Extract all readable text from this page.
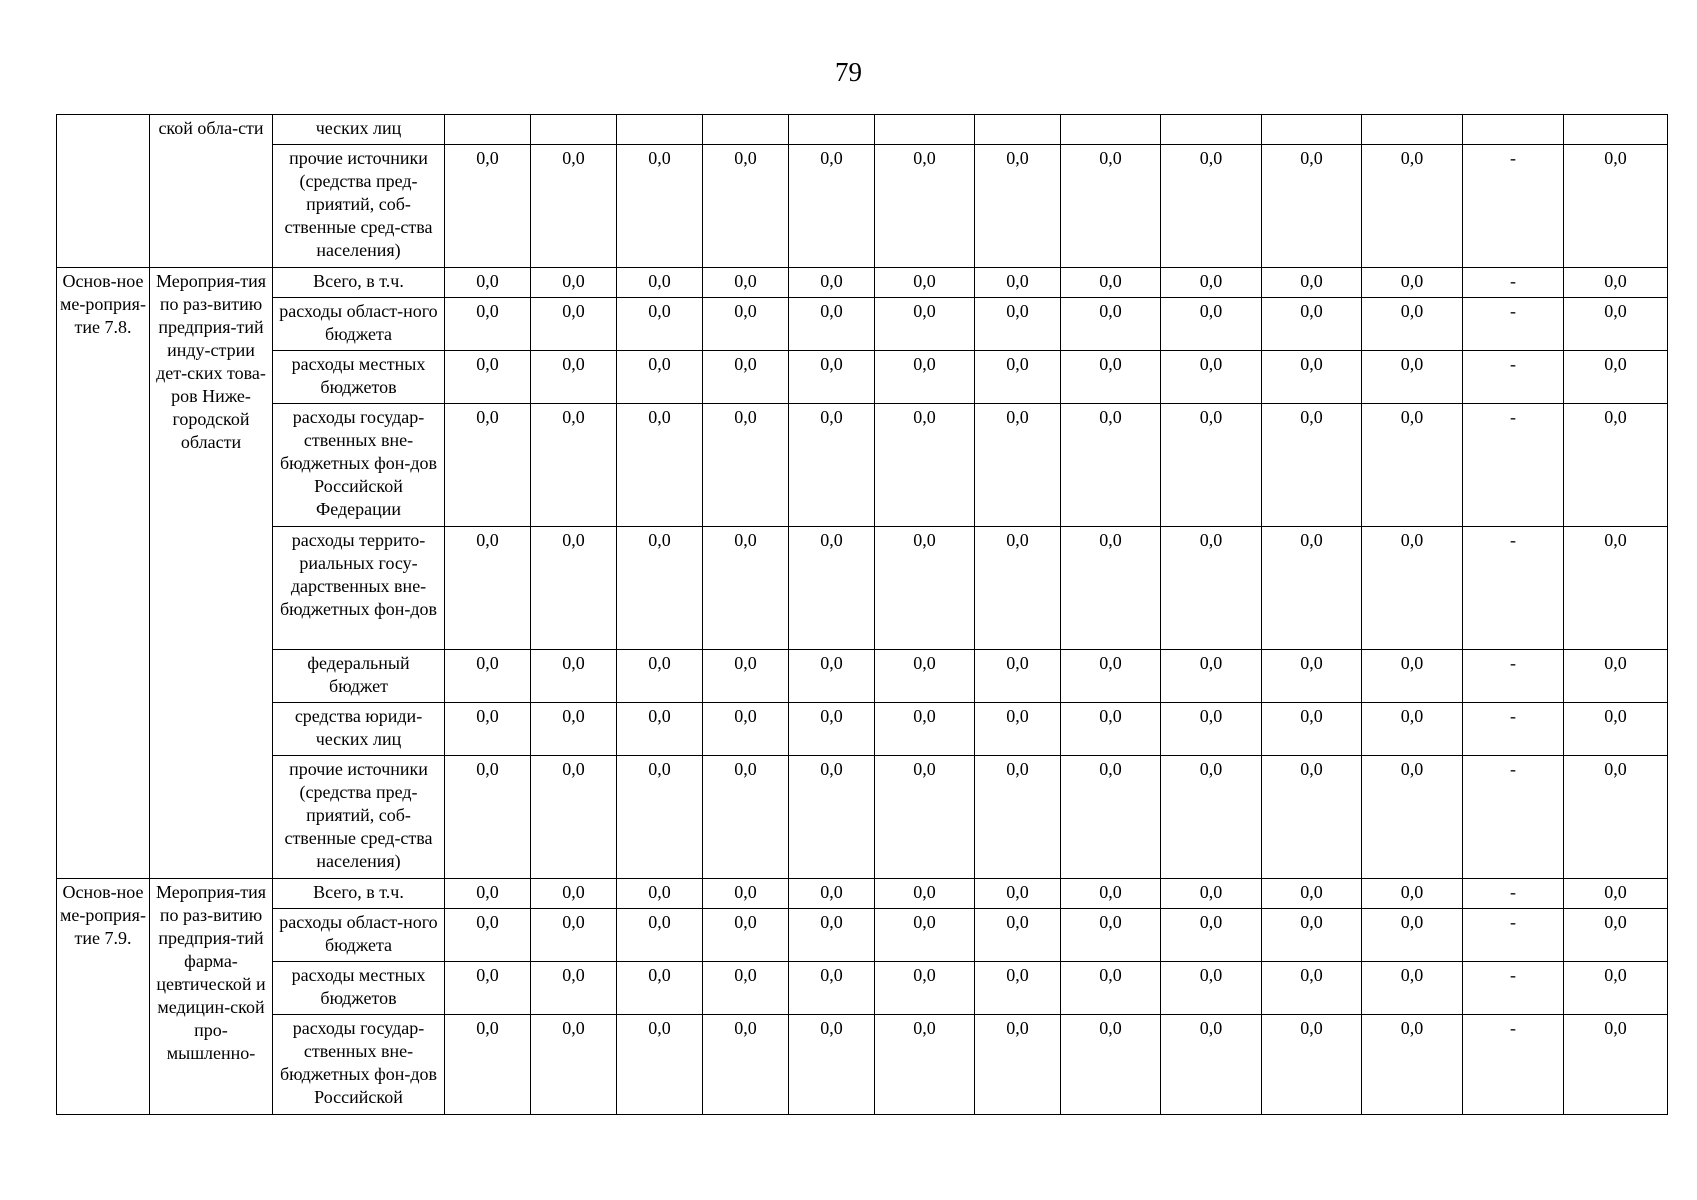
79
	ской обла-сти	ческих лиц													
		прочие источники (средства пред-приятий, соб-ственные сред-ства населения)	0,0	0,0	0,0	0,0	0,0	0,0	0,0	0,0	0,0	0,0	0,0	-	0,0
Основ-ное ме-роприя-тие 7.8.	Мероприя-тия по раз-витию предприя-тий инду-стрии дет-ских това-ров Ниже-городской области	Всего, в т.ч.	0,0	0,0	0,0	0,0	0,0	0,0	0,0	0,0	0,0	0,0	0,0	-	0,0
		расходы област-ного бюджета	0,0	0,0	0,0	0,0	0,0	0,0	0,0	0,0	0,0	0,0	0,0	-	0,0
		расходы местных бюджетов	0,0	0,0	0,0	0,0	0,0	0,0	0,0	0,0	0,0	0,0	0,0	-	0,0
		расходы государ-ственных вне-бюджетных фон-дов Российской Федерации	0,0	0,0	0,0	0,0	0,0	0,0	0,0	0,0	0,0	0,0	0,0	-	0,0
		расходы террито-риальных госу-дарственных вне-бюджетных фон-дов	0,0	0,0	0,0	0,0	0,0	0,0	0,0	0,0	0,0	0,0	0,0	-	0,0
		федеральный бюджет	0,0	0,0	0,0	0,0	0,0	0,0	0,0	0,0	0,0	0,0	0,0	-	0,0
		средства юриди-ческих лиц	0,0	0,0	0,0	0,0	0,0	0,0	0,0	0,0	0,0	0,0	0,0	-	0,0
		прочие источники (средства пред-приятий, соб-ственные сред-ства населения)	0,0	0,0	0,0	0,0	0,0	0,0	0,0	0,0	0,0	0,0	0,0	-	0,0
Основ-ное ме-роприя-тие 7.9.	Мероприя-тия по раз-витию предприя-тий фарма-цевтической и медицин-ской про-мышленно-	Всего, в т.ч.	0,0	0,0	0,0	0,0	0,0	0,0	0,0	0,0	0,0	0,0	0,0	-	0,0
		расходы област-ного бюджета	0,0	0,0	0,0	0,0	0,0	0,0	0,0	0,0	0,0	0,0	0,0	-	0,0
		расходы местных бюджетов	0,0	0,0	0,0	0,0	0,0	0,0	0,0	0,0	0,0	0,0	0,0	-	0,0
		расходы государ-ственных вне-бюджетных фон-дов Российской	0,0	0,0	0,0	0,0	0,0	0,0	0,0	0,0	0,0	0,0	0,0	-	0,0
